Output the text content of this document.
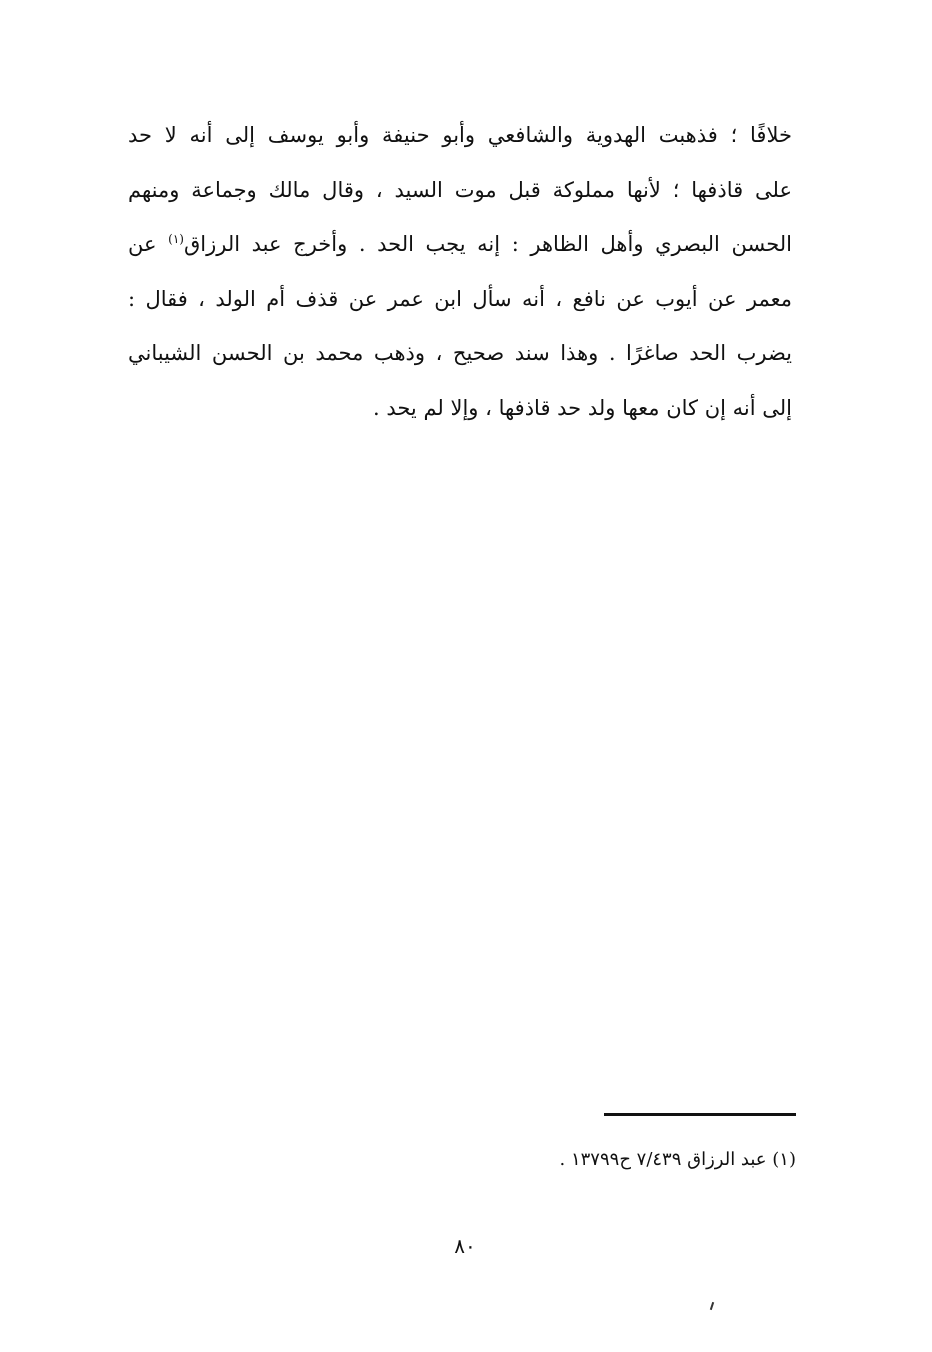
خلافًا ؛ فذهبت الهدوية والشافعي وأبو حنيفة وأبو يوسف إلى أنه لا حد
على قاذفها ؛ لأنها مملوكة قبل موت السيد ، وقال مالك وجماعة ومنهم
الحسن البصري وأهل الظاهر : إنه يجب الحد . وأخرج عبد الرزاق$^{(١)}$ عن
معمر عن أيوب عن نافع ، أنه سأل ابن عمر عن قذف أم الولد ، فقال :
يضرب الحد صاغرًا . وهذا سند صحيح ، وذهب محمد بن الحسن الشيباني
إلى أنه إن كان معها ولد حد قاذفها ، وإلا لم يحد .
(١) عبد الرزاق ٧/٤٣٩ ح١٣٧٩٩ .
٨٠
